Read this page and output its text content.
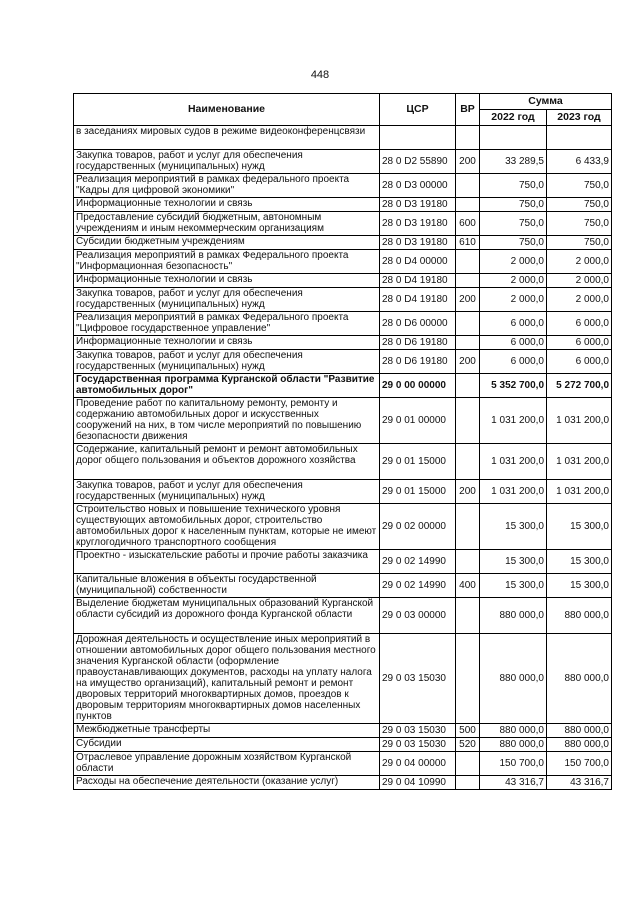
448
Наименование	ЦСР	ВР	Сумма	
			2022 год	2023 год
в заседаниях мировых судов в режиме видеоконференцсвязи				
Закупка товаров, работ и услуг для обеспечения государственных (муниципальных) нужд	28 0 D2 55890	200	33 289,5	6 433,9
Реализация мероприятий в рамках федерального проекта "Кадры для цифровой экономики"	28 0 D3 00000		750,0	750,0
Информационные технологии и связь	28 0 D3 19180		750,0	750,0
Предоставление субсидий бюджетным, автономным учреждениям и иным некоммерческим организациям	28 0 D3 19180	600	750,0	750,0
Субсидии бюджетным учреждениям	28 0 D3 19180	610	750,0	750,0
Реализация мероприятий в рамках Федерального проекта "Информационная безопасность"	28 0 D4 00000		2 000,0	2 000,0
Информационные технологии и связь	28 0 D4 19180		2 000,0	2 000,0
Закупка товаров, работ и услуг для обеспечения государственных (муниципальных) нужд	28 0 D4 19180	200	2 000,0	2 000,0
Реализация мероприятий в рамках Федерального проекта "Цифровое государственное управление"	28 0 D6 00000		6 000,0	6 000,0
Информационные технологии и связь	28 0 D6 19180		6 000,0	6 000,0
Закупка товаров, работ и услуг для обеспечения государственных (муниципальных) нужд	28 0 D6 19180	200	6 000,0	6 000,0
Государственная программа Курганской области "Развитие автомобильных дорог"	29 0 00 00000		5 352 700,0	5 272 700,0
Проведение работ по капитальному ремонту, ремонту и содержанию автомобильных дорог и искусственных сооружений на них, в том числе мероприятий по повышению безопасности движения	29 0 01 00000		1 031 200,0	1 031 200,0
Содержание, капитальный ремонт и ремонт автомобильных дорог общего пользования и объектов дорожного хозяйства	29 0 01 15000		1 031 200,0	1 031 200,0
Закупка товаров, работ и услуг для обеспечения государственных (муниципальных) нужд	29 0 01 15000	200	1 031 200,0	1 031 200,0
Строительство новых и повышение технического уровня существующих автомобильных дорог, строительство автомобильных дорог к населенным пунктам, которые не имеют круглогодичного транспортного сообщения	29 0 02 00000		15 300,0	15 300,0
Проектно - изыскательские работы и прочие работы заказчика	29 0 02 14990		15 300,0	15 300,0
Капитальные вложения в объекты государственной (муниципальной) собственности	29 0 02 14990	400	15 300,0	15 300,0
Выделение бюджетам муниципальных образований Курганской области субсидий из дорожного фонда Курганской области	29 0 03 00000		880 000,0	880 000,0
Дорожная деятельность и осуществление иных мероприятий в отношении автомобильных дорог общего пользования местного значения Курганской области (оформление правоустанавливающих документов, расходы на уплату налога на имущество организаций), капитальный ремонт и ремонт дворовых территорий многоквартирных домов, проездов к дворовым территориям многоквартирных домов населенных пунктов	29 0 03 15030		880 000,0	880 000,0
Межбюджетные трансферты	29 0 03 15030	500	880 000,0	880 000,0
Субсидии	29 0 03 15030	520	880 000,0	880 000,0
Отраслевое управление дорожным хозяйством Курганской области	29 0 04 00000		150 700,0	150 700,0
Расходы на обеспечение деятельности (оказание услуг)	29 0 04 10990		43 316,7	43 316,7
